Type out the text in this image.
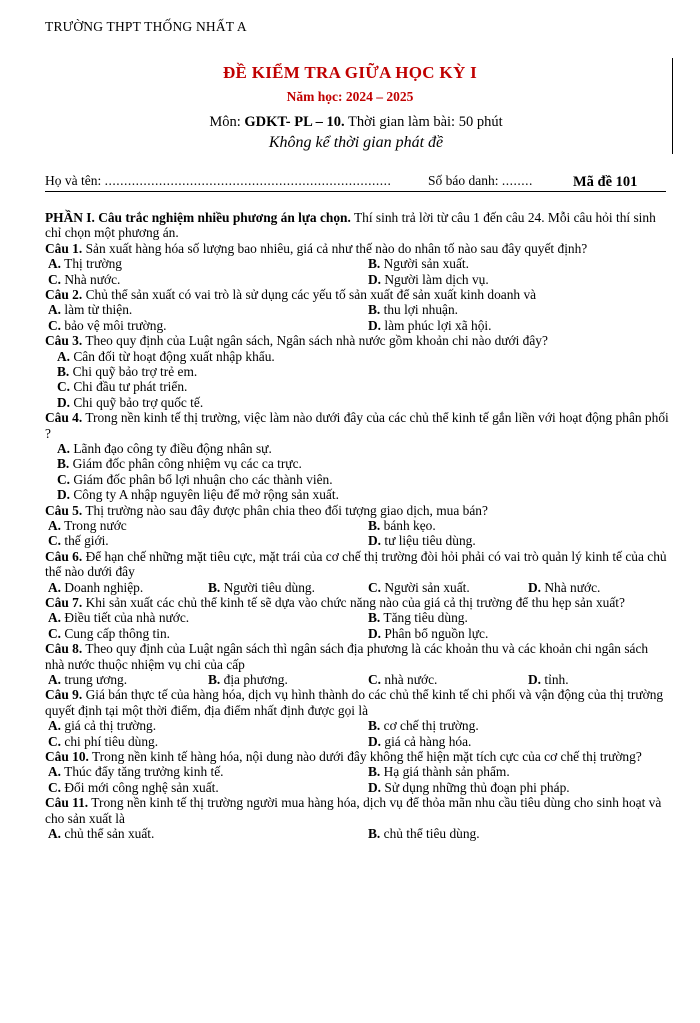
TRƯỜNG THPT THỐNG NHẤT A
ĐỀ KIỂM TRA GIỮA HỌC KỲ I
Năm học: 2024 – 2025
Môn: GDKT- PL – 10. Thời gian làm bài: 50 phút
Không kể thời gian phát đề
Họ và tên: ..........................................................................	Số báo danh: ........	Mã đề 101

PHẦN I. Câu trắc nghiệm nhiều phương án lựa chọn. Thí sinh trả lời từ câu 1 đến câu 24. Mỗi câu hỏi thí sinh chỉ chọn một phương án.

Câu 1. Sản xuất hàng hóa số lượng bao nhiêu, giá cả như thế nào do nhân tố nào sau đây quyết định?

A. Thị trường	B. Người sản xuất.
C. Nhà nước.	D. Người làm dịch vụ.

Câu 2. Chủ thể sản xuất có vai trò là sử dụng các yếu tố sản xuất để sản xuất kinh doanh và

A. làm từ thiện.	B. thu lợi nhuận.
C. bảo vệ môi trường.	D. làm phúc lợi xã hội.

Câu 3. Theo quy định của Luật ngân sách, Ngân sách nhà nước gồm khoản chi nào dưới đây?

A. Cân đối từ hoạt động xuất nhập khẩu.
B. Chi quỹ bảo trợ trẻ em.
C. Chi đầu tư phát triển.
D. Chi quỹ bảo trợ quốc tế.

Câu 4. Trong nền kinh tế thị trường, việc làm nào dưới đây của các chủ thể kinh tế gắn liền với hoạt động phân phối ?

A. Lãnh đạo công ty điều động nhân sự.
B. Giám đốc phân công nhiệm vụ các ca trực.
C. Giám đốc phân bổ lợi nhuận cho các thành viên.
D. Công ty A nhập nguyên liệu để mở rộng sản xuất.

Câu 5. Thị trường nào sau đây được phân chia theo đối tượng giao dịch, mua bán?

A. Trong nước	B. bánh kẹo.
C. thế giới.	D. tư liệu tiêu dùng.

Câu 6. Để hạn chế những mặt tiêu cực, mặt trái của cơ chế thị trường đòi hỏi phải có vai trò quản lý kinh tế của chủ thể nào dưới đây

A. Doanh nghiệp.	B. Người tiêu dùng.	C. Người sản xuất.	D. Nhà nước.

Câu 7. Khi sản xuất các chủ thể kinh tế sẽ dựa vào chức năng nào của giá cả thị trường để thu hẹp sản xuất?

A. Điều tiết của nhà nước.	B. Tăng tiêu dùng.
C. Cung cấp thông tin.	D. Phân bổ nguồn lực.

Câu 8. Theo quy định của Luật ngân sách thì ngân sách địa phương là các khoản thu và các khoản chi ngân sách nhà nước thuộc nhiệm vụ chi của cấp

A. trung ương.	B. địa phương.	C. nhà nước.	D. tỉnh.

Câu 9. Giá bán thực tế của hàng hóa, dịch vụ hình thành do các chủ thể kinh tế chi phối và vận động của thị trường quyết định tại một thời điểm, địa điểm nhất định được gọi là

A. giá cả thị trường.	B. cơ chế thị trường.
C. chi phí tiêu dùng.	D. giá cả hàng hóa.

Câu 10. Trong nền kinh tế hàng hóa, nội dung nào dưới đây không thể hiện mặt tích cực của cơ chế thị trường?

A. Thúc đẩy tăng trưởng kinh tế.	B. Hạ giá thành sản phẩm.
C. Đổi mới công nghệ sản xuất.	D. Sử dụng những thủ đoạn phi pháp.

Câu 11. Trong nền kinh tế thị trường người mua hàng hóa, dịch vụ để thỏa mãn nhu cầu tiêu dùng cho sinh hoạt và cho sản xuất là

A. chủ thể sản xuất.	B. chủ thể tiêu dùng.
